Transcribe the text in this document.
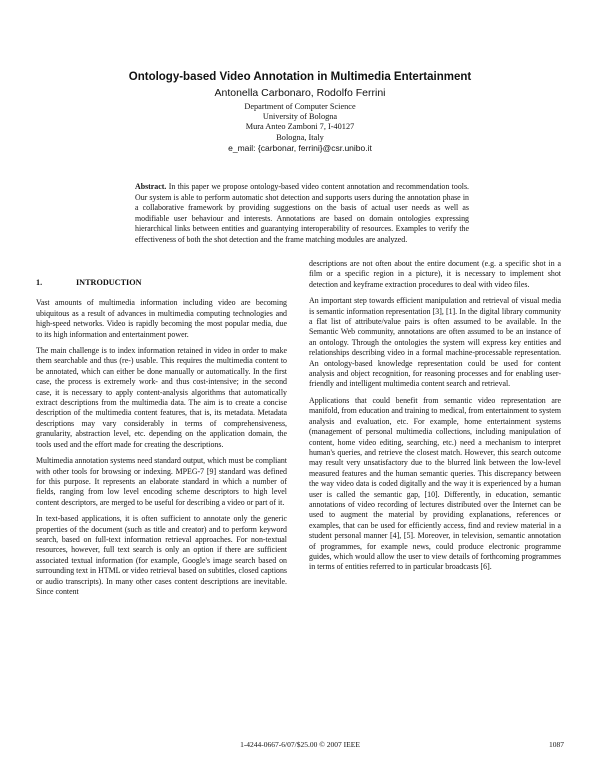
Ontology-based Video Annotation in Multimedia Entertainment
Antonella Carbonaro, Rodolfo Ferrini
Department of Computer Science
University of Bologna
Mura Anteo Zamboni 7, I-40127
Bologna, Italy
e_mail: {carbonar, ferrini}@csr.unibo.it
Abstract. In this paper we propose ontology-based video content annotation and recommendation tools. Our system is able to perform automatic shot detection and supports users during the annotation phase in a collaborative framework by providing suggestions on the basis of actual user needs as well as modifiable user behaviour and interests. Annotations are based on domain ontologies expressing hierarchical links between entities and guarantying interoperability of resources. Examples to verify the effectiveness of both the shot detection and the frame matching modules are analyzed.
1.	INTRODUCTION

Vast amounts of multimedia information including video are becoming ubiquitous as a result of advances in multimedia computing technologies and high-speed networks. Video is rapidly becoming the most popular media, due to its high information and entertainment power.

The main challenge is to index information retained in video in order to make them searchable and thus (re-) usable. This requires the multimedia content to be annotated, which can either be done manually or automatically. In the first case, the process is extremely work- and thus cost-intensive; in the second case, it is necessary to apply content-analysis algorithms that automatically extract descriptions from the multimedia data. The aim is to create a concise description of the multimedia content features, that is, its metadata. Metadata descriptions may vary considerably in terms of comprehensiveness, granularity, abstraction level, etc. depending on the application domain, the tools used and the effort made for creating the descriptions.

Multimedia annotation systems need standard output, which must be compliant with other tools for browsing or indexing. MPEG-7 [9] standard was defined for this purpose. It represents an elaborate standard in which a number of fields, ranging from low level encoding scheme descriptors to high level content descriptors, are merged to be useful for describing a video or part of it.

In text-based applications, it is often sufficient to annotate only the generic properties of the document (such as title and creator) and to perform keyword search, based on full-text information retrieval approaches. For non-textual resources, however, full text search is only an option if there are sufficient associated textual information (for example, Google's image search based on surrounding text in HTML or video retrieval based on subtitles, closed captions or audio transcripts). In many other cases content descriptions are inevitable. Since content

descriptions are not often about the entire document (e.g. a specific shot in a film or a specific region in a picture), it is necessary to implement shot detection and keyframe extraction procedures to deal with video files.

An important step towards efficient manipulation and retrieval of visual media is semantic information representation [3], [1]. In the digital library community a flat list of attribute/value pairs is often assumed to be available. In the Semantic Web community, annotations are often assumed to be an instance of an ontology. Through the ontologies the system will express key entities and relationships describing video in a formal machine-processable representation. An ontology-based knowledge representation could be used for content analysis and object recognition, for reasoning processes and for enabling user-friendly and intelligent multimedia content search and retrieval.

Applications that could benefit from semantic video representation are manifold, from education and training to medical, from entertainment to system analysis and evaluation, etc. For example, home entertainment systems (management of personal multimedia collections, including manipulation of content, home video editing, searching, etc.) need a mechanism to interpret human's queries, and retrieve the closest match. However, this search outcome may result very unsatisfactory due to the blurred link between the low-level measured features and the human semantic queries. This discrepancy between the way video data is coded digitally and the way it is experienced by a human user is called the semantic gap, [10]. Differently, in education, semantic annotations of video recording of lectures distributed over the Internet can be used to augment the material by providing explanations, references or examples, that can be used for efficiently access, find and review material in a student personal manner [4], [5]. Moreover, in television, semantic annotation of programmes, for example news, could produce electronic programme guides, which would allow the user to view details of forthcoming programmes in terms of entities referred to in particular broadcasts [6].

1-4244-0667-6/07/$25.00 © 2007 IEEE	1087
